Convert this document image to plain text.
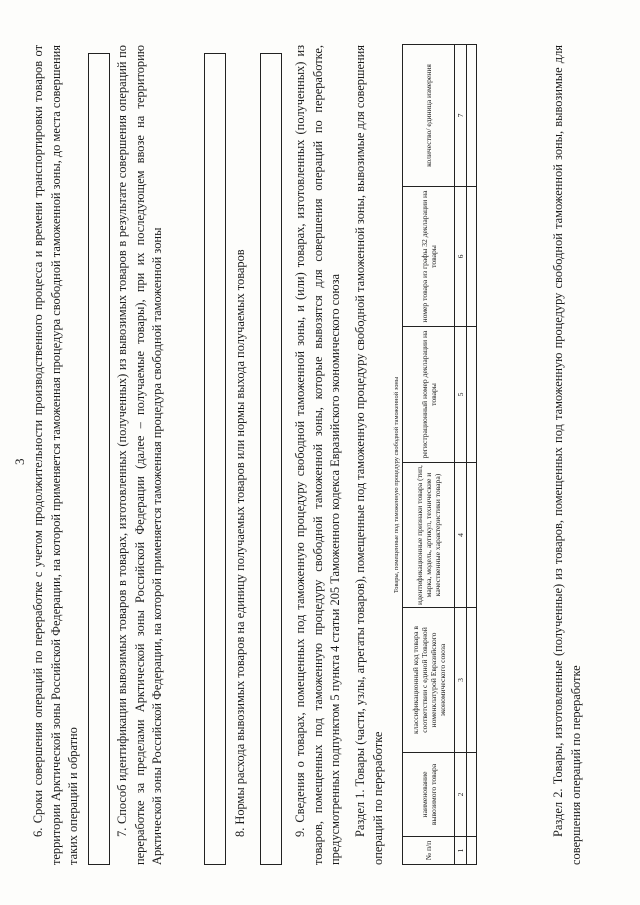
3 6. Сроки совершения операций по переработке с учетом продолжительности производственного процесса и времени транспортировки товаров от территории Арктической зоны Российской Федерации, на которой применяется таможенная процедура свободной таможенной зоны, до места совершения таких операций и обратно	7. Способ идентификации вывозимых товаров в товарах, изготовленных (полученных) из вывозимых товаров в результате совершения операций по переработке за пределами Арктической зоны Российской Федерации (далее – получаемые товары), при их последующем ввозе на территорию Арктической зоны Российской Федерации, на которой применяется таможенная процедура свободной таможенной зоны	8. Нормы расхода вывозимых товаров на единицу получаемых товаров или нормы выхода получаемых товаров	9. Сведения о товарах, помещенных под таможенную процедуру свободной таможенной зоны, и (или) товарах, изготовленных (полученных) из товаров, помещенных под таможенную процедуру свободной таможенной зоны, которые вывозятся для совершения операций по переработке, предусмотренных подпунктом 5 пункта 4 статьи 205 Таможенного кодекса Евразийского экономического союза Раздел 1. Товары (части, узлы, агрегаты товаров), помещенные под таможенную процедуру свободной таможенной зоны, вывозимые для совершения операций по переработке

Товары, помещенные под таможенную процедуру свободной таможенной зоны
№ п/п	наименование вывозимого товара	классификационный код товара в соответствии с единой Товарной номенклатурой Евразийского экономического союза	идентификационные признаки товара (тип, марка, модель, артикул, технические и качественные характеристики товара)	регистрационный номер декларации на товары	номер товара из графы 32 декларации на товары	количество/ единица измерения
1	2	3	4	5	6	7
							Раздел 2. Товары, изготовленные (полученные) из товаров, помещенных под таможенную процедуру свободной таможенной зоны, вывозимые для совершения операций по переработке
